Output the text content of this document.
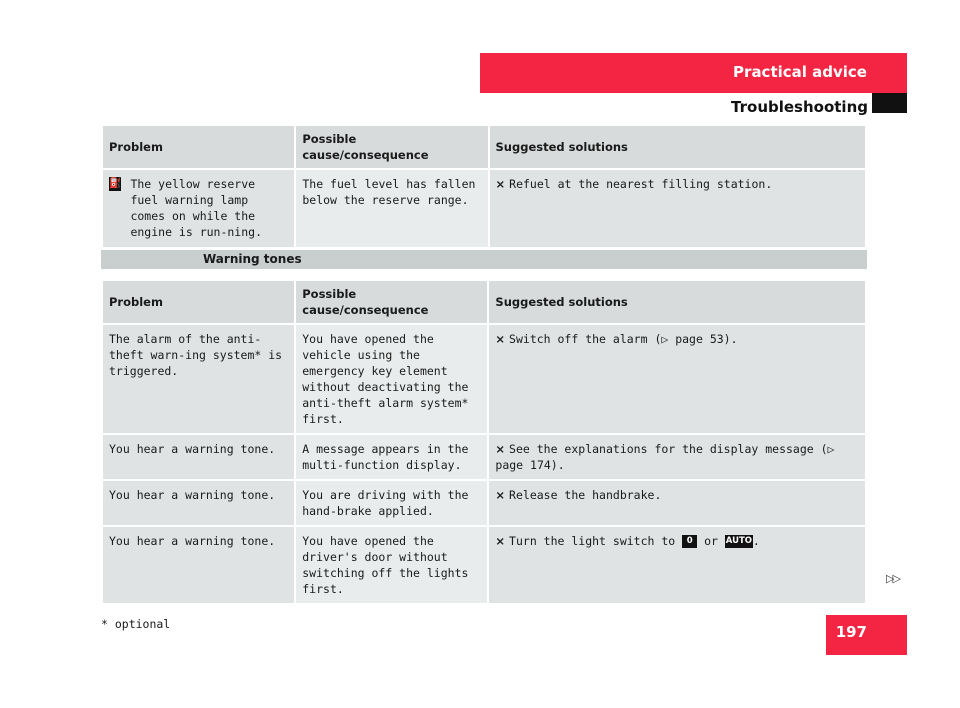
Practical advice
Troubleshooting
Problem	Possible cause/consequence	Suggested solutions

⛽ The yellow reserve fuel warning lamp comes on while the engine is run-ning.	The fuel level has fallen below the reserve range.	⨯ Refuel at the nearest filling station.
Warning tones
Problem	Possible cause/consequence	Suggested solutions
The alarm of the anti-theft warn-ing system* is triggered.	You have opened the vehicle using the emergency key element without deactivating the anti-theft alarm system* first.	⨯ Switch off the alarm (▷ page 53).
You hear a warning tone.	A message appears in the multi-function display.	⨯ See the explanations for the display message (▷ page 174).
You hear a warning tone.	You are driving with the hand-brake applied.	⨯ Release the handbrake.
You hear a warning tone.	You have opened the driver's door without switching off the lights first.	⨯ Turn the light switch to 0 or AUTO.
▷▷
* optional	197
